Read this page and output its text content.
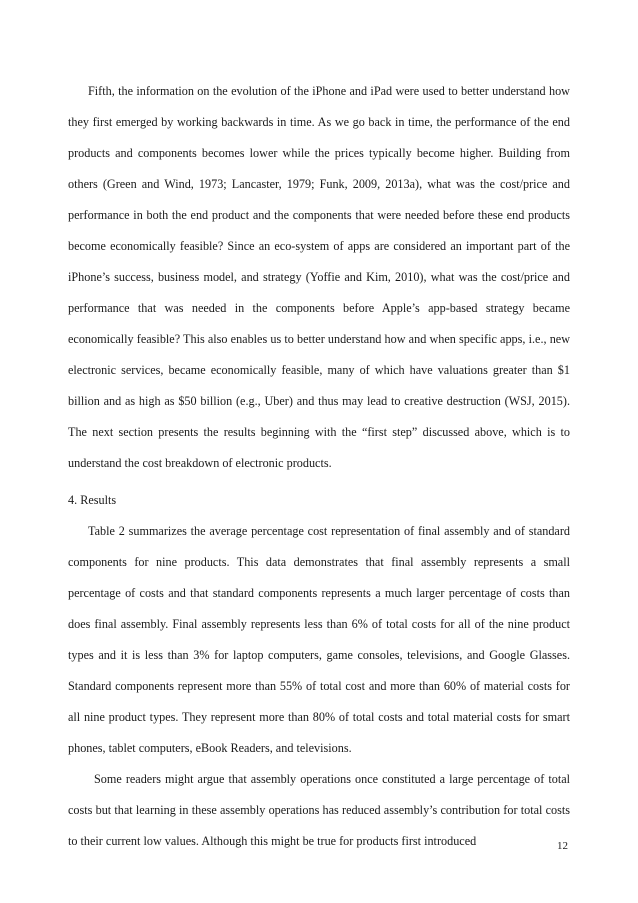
Fifth, the information on the evolution of the iPhone and iPad were used to better understand how they first emerged by working backwards in time. As we go back in time, the performance of the end products and components becomes lower while the prices typically become higher. Building from others (Green and Wind, 1973; Lancaster, 1979; Funk, 2009, 2013a), what was the cost/price and performance in both the end product and the components that were needed before these end products become economically feasible? Since an eco-system of apps are considered an important part of the iPhone’s success, business model, and strategy (Yoffie and Kim, 2010), what was the cost/price and performance that was needed in the components before Apple’s app-based strategy became economically feasible? This also enables us to better understand how and when specific apps, i.e., new electronic services, became economically feasible, many of which have valuations greater than $1 billion and as high as $50 billion (e.g., Uber) and thus may lead to creative destruction (WSJ, 2015). The next section presents the results beginning with the “first step” discussed above, which is to understand the cost breakdown of electronic products.

4. Results

Table 2 summarizes the average percentage cost representation of final assembly and of standard components for nine products. This data demonstrates that final assembly represents a small percentage of costs and that standard components represents a much larger percentage of costs than does final assembly. Final assembly represents less than 6% of total costs for all of the nine product types and it is less than 3% for laptop computers, game consoles, televisions, and Google Glasses. Standard components represent more than 55% of total cost and more than 60% of material costs for all nine product types. They represent more than 80% of total costs and total material costs for smart phones, tablet computers, eBook Readers, and televisions.

Some readers might argue that assembly operations once constituted a large percentage of total costs but that learning in these assembly operations has reduced assembly’s contribution for total costs to their current low values. Although this might be true for products first introduced	12
